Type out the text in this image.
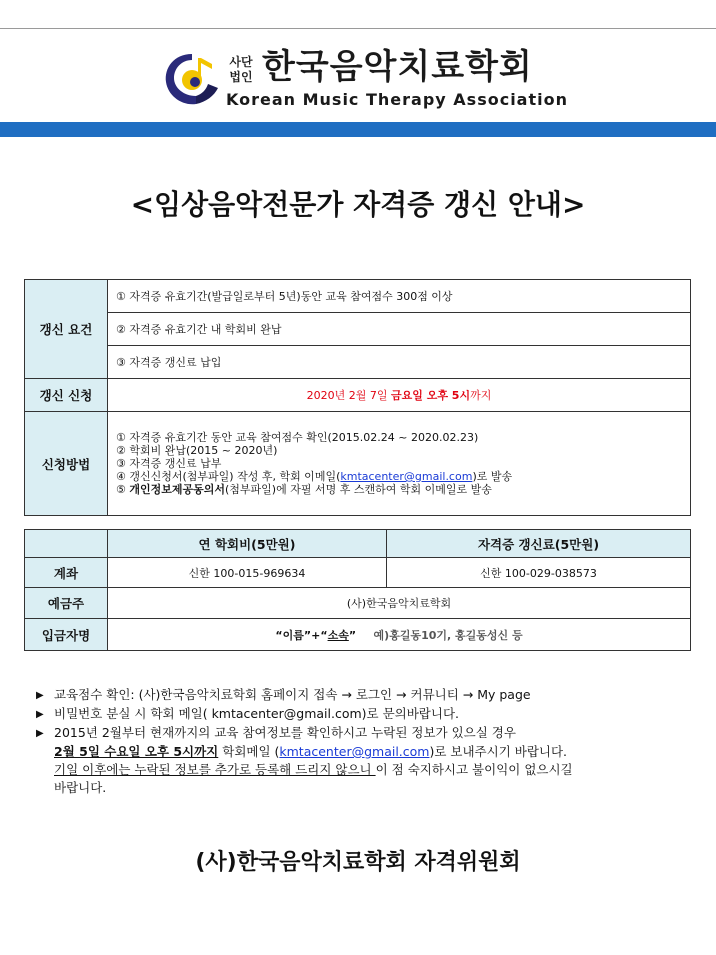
사단
법인 한국음악치료학회
Korean Music Therapy Association
<임상음악전문가 자격증 갱신 안내>
갱신 요건	① 자격증 유효기간(발급일로부터 5년)동안 교육 참여점수 300점 이상
	② 자격증 유효기간 내 학회비 완납
	③ 자격증 갱신료 납입
갱신 신청	2020년 2월 7일 금요일 오후 5시까지
신청방법	① 자격증 유효기간 동안 교육 참여점수 확인(2015.02.24 ~ 2020.02.23)
② 학회비 완납(2015 ~ 2020년)
③ 자격증 갱신료 납부
④ 갱신신청서(첨부파일) 작성 후, 학회 이메일(kmtacenter@gmail.com)로 발송
⑤ 개인정보제공동의서(첨부파일)에 자필 서명 후 스캔하여 학회 이메일로 발송
	연 학회비(5만원)	자격증 갱신료(5만원)
계좌	신한 100-015-969634	신한 100-029-038573
예금주	(사)한국음악치료학회	
입금자명	“이름”+“소속” 예)홍길동10기, 홍길동성신 등	
▶ 교육점수 확인: (사)한국음악치료학회 홈페이지 접속 → 로그인 → 커뮤니티 → My page
▶ 비밀번호 분실 시 학회 메일( kmtacenter@gmail.com)로 문의바랍니다.
▶ 2015년 2월부터 현재까지의 교육 참여정보를 확인하시고 누락된 정보가 있으실 경우
2월 5일 수요일 오후 5시까지 학회메일 (kmtacenter@gmail.com)로 보내주시기 바랍니다.
기일 이후에는 누락된 정보를 추가로 등록해 드리지 않으니 이 점 숙지하시고 불이익이 없으시길
바랍니다.
(사)한국음악치료학회 자격위원회
